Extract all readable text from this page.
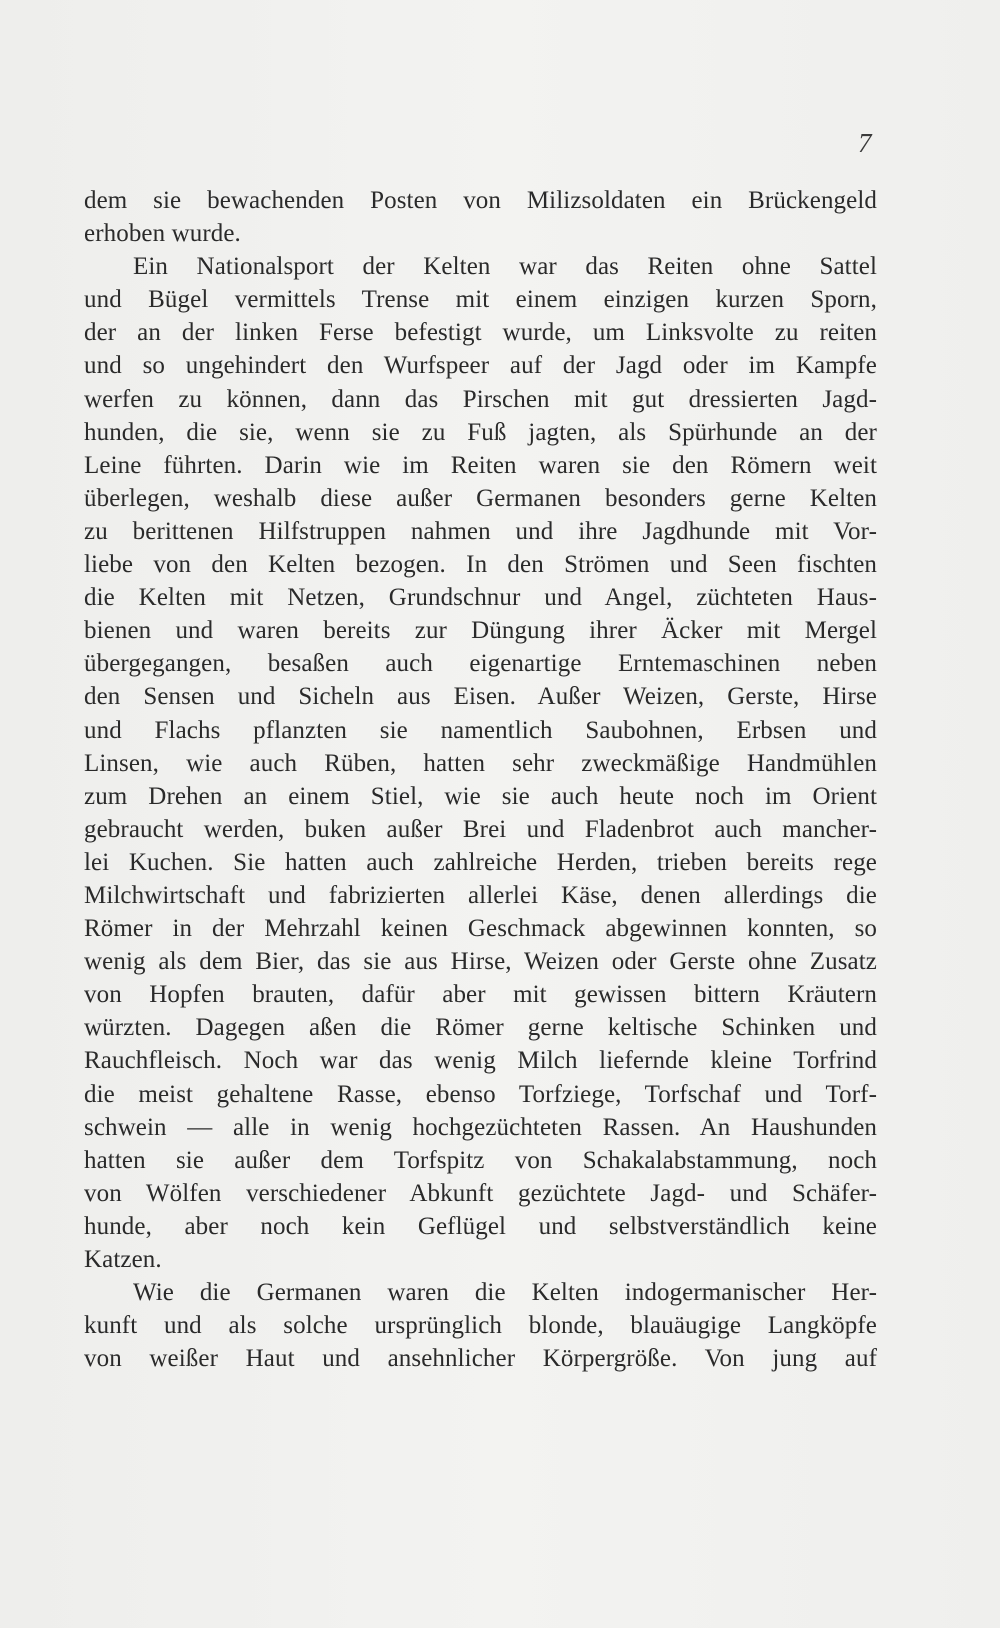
7
dem sie bewachenden Posten von Milizsoldaten ein Brückengeld
erhoben wurde.
Ein Nationalsport der Kelten war das Reiten ohne Sattel
und Bügel vermittels Trense mit einem einzigen kurzen Sporn,
der an der linken Ferse befestigt wurde, um Linksvolte zu reiten
und so ungehindert den Wurfspeer auf der Jagd oder im Kampfe
werfen zu können, dann das Pirschen mit gut dressierten Jagd-
hunden, die sie, wenn sie zu Fuß jagten, als Spürhunde an der
Leine führten. Darin wie im Reiten waren sie den Römern weit
überlegen, weshalb diese außer Germanen besonders gerne Kelten
zu berittenen Hilfstruppen nahmen und ihre Jagdhunde mit Vor-
liebe von den Kelten bezogen. In den Strömen und Seen fischten
die Kelten mit Netzen, Grundschnur und Angel, züchteten Haus-
bienen und waren bereits zur Düngung ihrer Äcker mit Mergel
übergegangen, besaßen auch eigenartige Erntemaschinen neben
den Sensen und Sicheln aus Eisen. Außer Weizen, Gerste, Hirse
und Flachs pflanzten sie namentlich Saubohnen, Erbsen und
Linsen, wie auch Rüben, hatten sehr zweckmäßige Handmühlen
zum Drehen an einem Stiel, wie sie auch heute noch im Orient
gebraucht werden, buken außer Brei und Fladenbrot auch mancher-
lei Kuchen. Sie hatten auch zahlreiche Herden, trieben bereits rege
Milchwirtschaft und fabrizierten allerlei Käse, denen allerdings die
Römer in der Mehrzahl keinen Geschmack abgewinnen konnten, so
wenig als dem Bier, das sie aus Hirse, Weizen oder Gerste ohne Zusatz
von Hopfen brauten, dafür aber mit gewissen bittern Kräutern
würzten. Dagegen aßen die Römer gerne keltische Schinken und
Rauchfleisch. Noch war das wenig Milch liefernde kleine Torfrind
die meist gehaltene Rasse, ebenso Torfziege, Torfschaf und Torf-
schwein — alle in wenig hochgezüchteten Rassen. An Haushunden
hatten sie außer dem Torfspitz von Schakalabstammung, noch
von Wölfen verschiedener Abkunft gezüchtete Jagd- und Schäfer-
hunde, aber noch kein Geflügel und selbstverständlich keine
Katzen.
Wie die Germanen waren die Kelten indogermanischer Her-
kunft und als solche ursprünglich blonde, blauäugige Langköpfe
von weißer Haut und ansehnlicher Körpergröße. Von jung auf
